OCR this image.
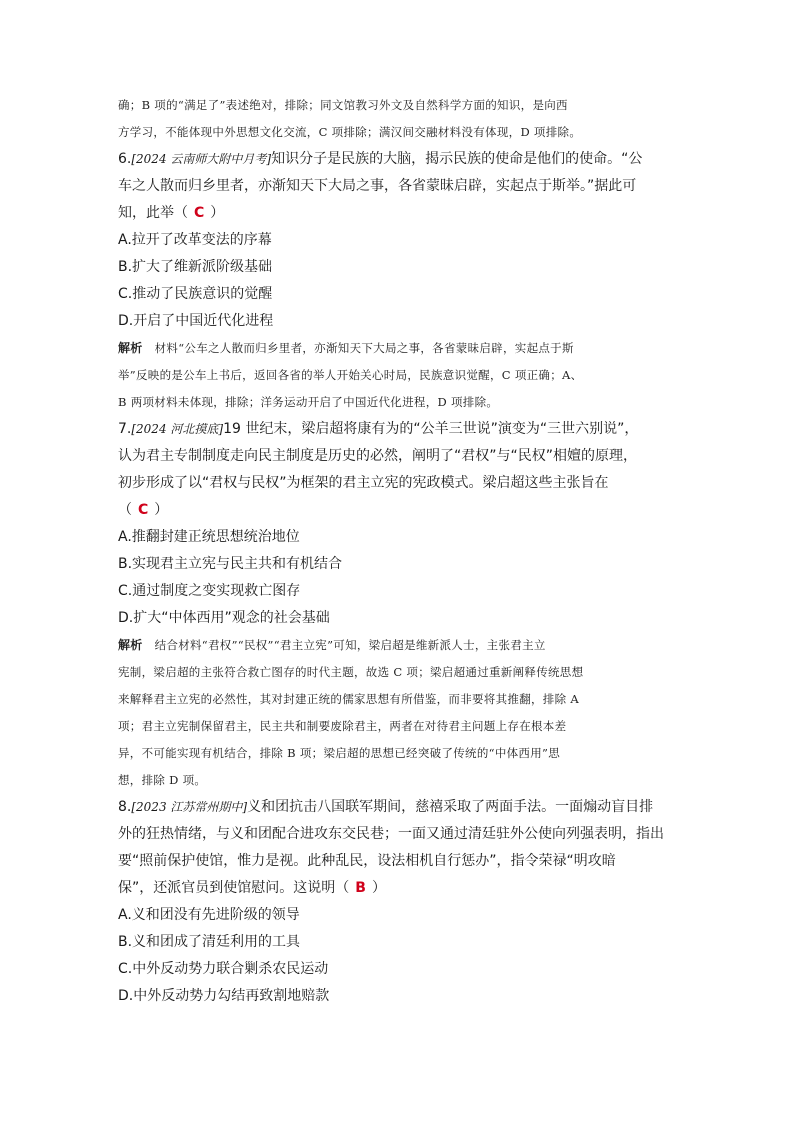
确；B 项的“满足了”表述绝对，排除；同文馆教习外文及自然科学方面的知识，是向西

方学习，不能体现中外思想文化交流，C 项排除；满汉间交融材料没有体现，D 项排除。

6.[2024 云南师大附中月考]知识分子是民族的大脑，揭示民族的使命是他们的使命。“公

车之人散而归乡里者，亦渐知天下大局之事，各省蒙昧启辟，实起点于斯举。”据此可

知，此举（ C ）

A.拉开了改革变法的序幕

B.扩大了维新派阶级基础

C.推动了民族意识的觉醒

D.开启了中国近代化进程

解析 材料“公车之人散而归乡里者，亦渐知天下大局之事，各省蒙昧启辟，实起点于斯

举”反映的是公车上书后，返回各省的举人开始关心时局，民族意识觉醒，C 项正确；A、

B 两项材料未体现，排除；洋务运动开启了中国近代化进程，D 项排除。

7.[2024 河北摸底]19 世纪末，梁启超将康有为的“公羊三世说”演变为“三世六别说”，

认为君主专制制度走向民主制度是历史的必然，阐明了“君权”与“民权”相嬗的原理，

初步形成了以“君权与民权”为框架的君主立宪的宪政模式。梁启超这些主张旨在

（ C ）

A.推翻封建正统思想统治地位

B.实现君主立宪与民主共和有机结合

C.通过制度之变实现救亡图存

D.扩大“中体西用”观念的社会基础

解析 结合材料“君权”“民权”“君主立宪”可知，梁启超是维新派人士，主张君主立

宪制，梁启超的主张符合救亡图存的时代主题，故选 C 项；梁启超通过重新阐释传统思想

来解释君主立宪的必然性，其对封建正统的儒家思想有所借鉴，而非要将其推翻，排除 A

项；君主立宪制保留君主，民主共和制要废除君主，两者在对待君主问题上存在根本差

异，不可能实现有机结合，排除 B 项；梁启超的思想已经突破了传统的“中体西用”思

想，排除 D 项。

8.[2023 江苏常州期中]义和团抗击八国联军期间，慈禧采取了两面手法。一面煽动盲目排

外的狂热情绪，与义和团配合进攻东交民巷；一面又通过清廷驻外公使向列强表明，指出

要“照前保护使馆，惟力是视。此种乱民，设法相机自行惩办”，指令荣禄“明攻暗

保”，还派官员到使馆慰问。这说明（ B ）

A.义和团没有先进阶级的领导

B.义和团成了清廷利用的工具

C.中外反动势力联合剿杀农民运动

D.中外反动势力勾结再致割地赔款
